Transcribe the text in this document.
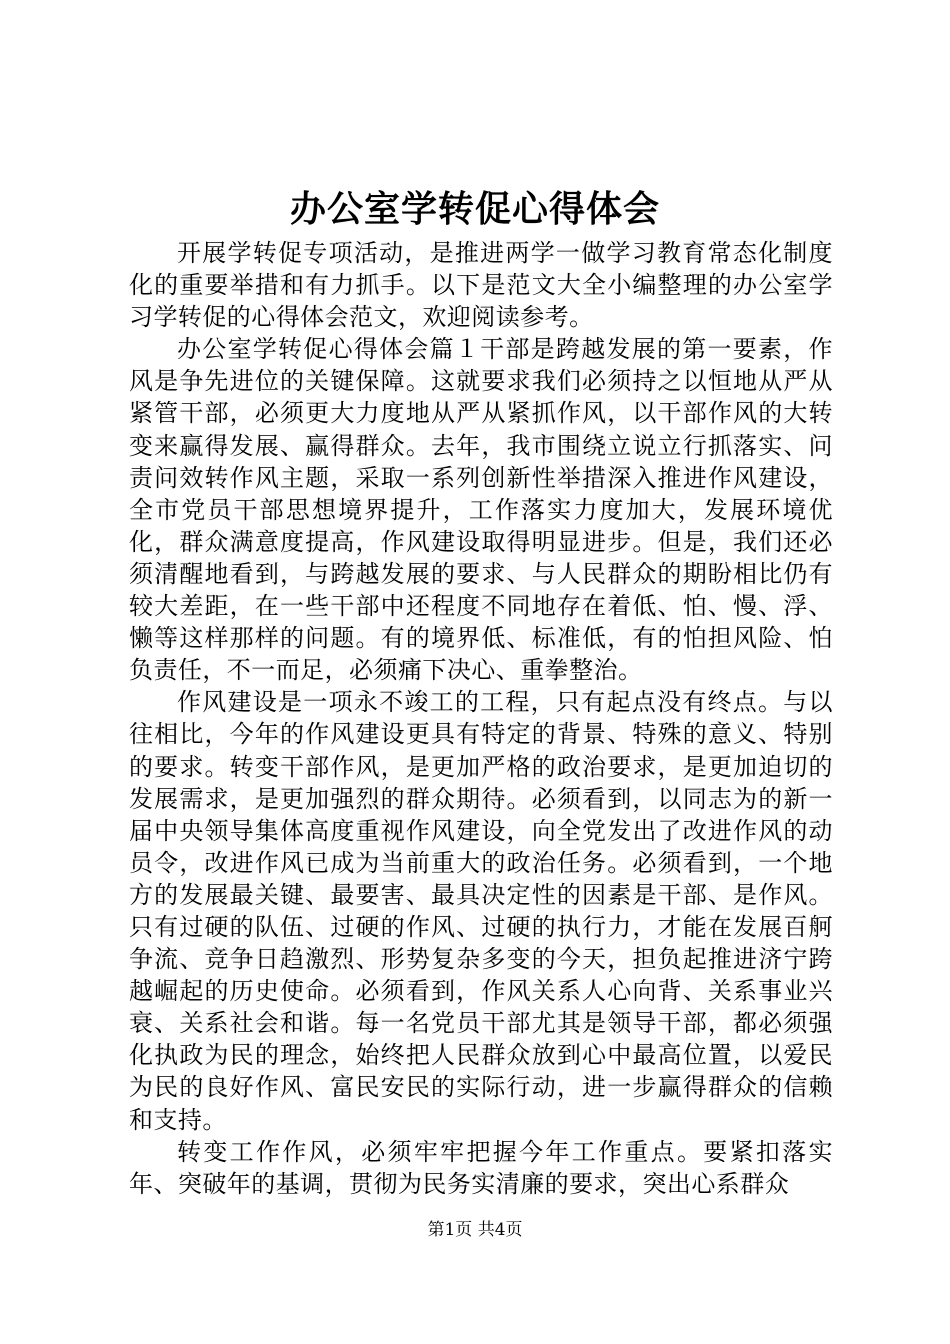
办公室学转促心得体会

开展学转促专项活动，是推进两学一做学习教育常态化制度化的重要举措和有力抓手。以下是范文大全小编整理的办公室学习学转促的心得体会范文，欢迎阅读参考。

办公室学转促心得体会篇１干部是跨越发展的第一要素，作风是争先进位的关键保障。这就要求我们必须持之以恒地从严从紧管干部，必须更大力度地从严从紧抓作风，以干部作风的大转变来赢得发展、赢得群众。去年，我市围绕立说立行抓落实、问责问效转作风主题，采取一系列创新性举措深入推进作风建设，全市党员干部思想境界提升，工作落实力度加大，发展环境优化，群众满意度提高，作风建设取得明显进步。但是，我们还必须清醒地看到，与跨越发展的要求、与人民群众的期盼相比仍有较大差距，在一些干部中还程度不同地存在着低、怕、慢、浮、懒等这样那样的问题。有的境界低、标准低，有的怕担风险、怕负责任，不一而足，必须痛下决心、重拳整治。

作风建设是一项永不竣工的工程，只有起点没有终点。与以往相比，今年的作风建设更具有特定的背景、特殊的意义、特别的要求。转变干部作风，是更加严格的政治要求，是更加迫切的发展需求，是更加强烈的群众期待。必须看到，以同志为的新一届中央领导集体高度重视作风建设，向全党发出了改进作风的动员令，改进作风已成为当前重大的政治任务。必须看到，一个地方的发展最关键、最要害、最具决定性的因素是干部、是作风。只有过硬的队伍、过硬的作风、过硬的执行力，才能在发展百舸争流、竞争日趋激烈、形势复杂多变的今天，担负起推进济宁跨越崛起的历史使命。必须看到，作风关系人心向背、关系事业兴衰、关系社会和谐。每一名党员干部尤其是领导干部，都必须强化执政为民的理念，始终把人民群众放到心中最高位置，以爱民为民的良好作风、富民安民的实际行动，进一步赢得群众的信赖和支持。

转变工作作风，必须牢牢把握今年工作重点。要紧扣落实年、突破年的基调，贯彻为民务实清廉的要求，突出心系群众

第1页 共4页
